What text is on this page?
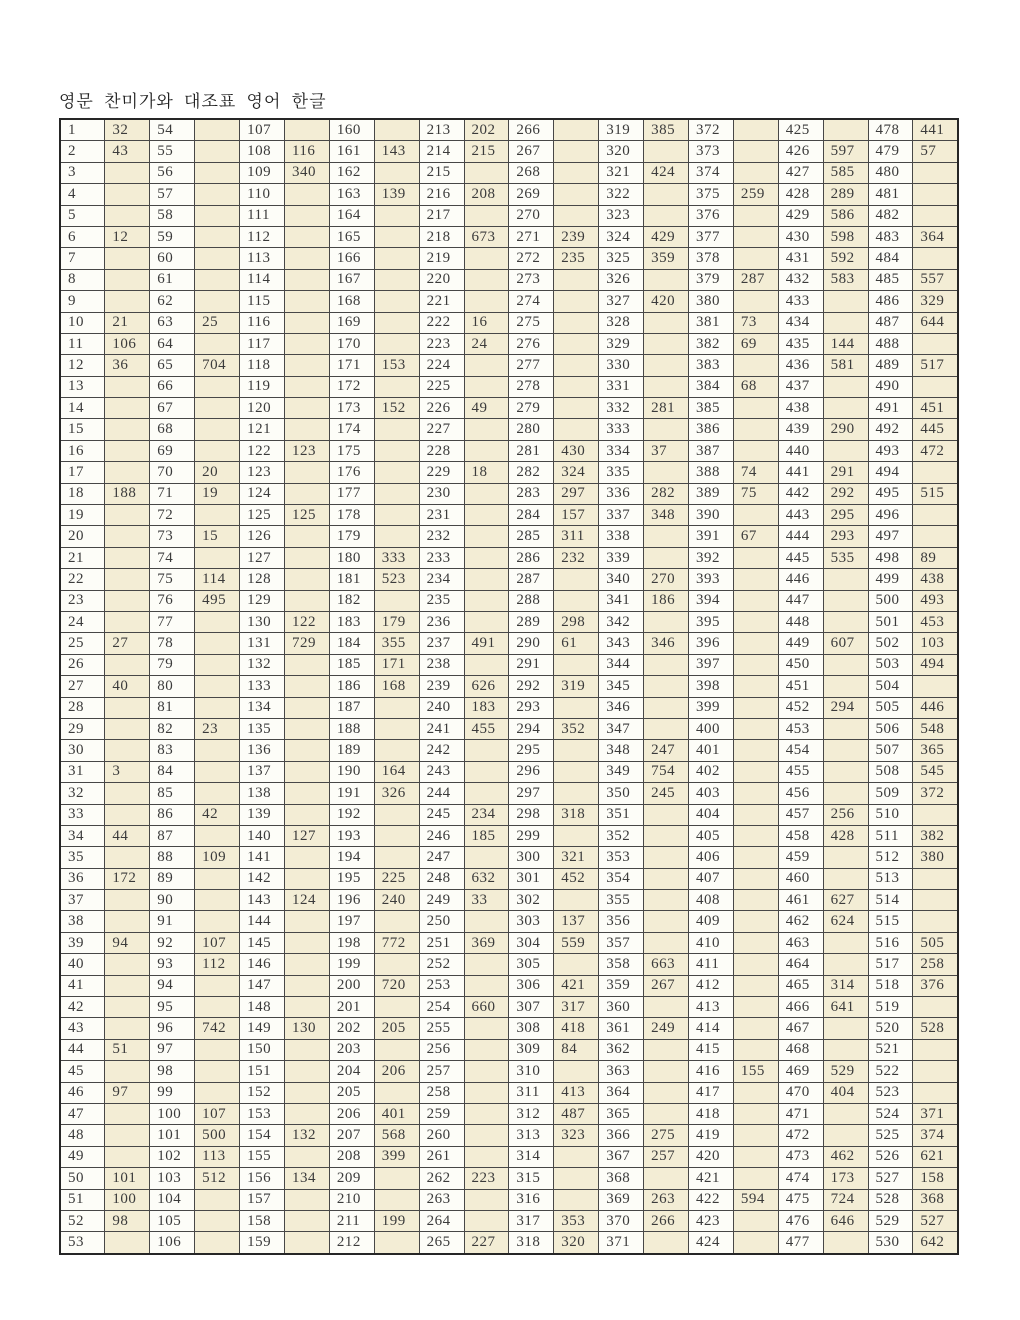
영문 찬미가와 대조표 영어 한글
1	32	54		107		160		213	202	266		319	385	372		425		478	441
2	43	55		108	116	161	143	214	215	267		320		373		426	597	479	57
3		56		109	340	162		215		268		321	424	374		427	585	480	
4		57		110		163	139	216	208	269		322		375	259	428	289	481	
5		58		111		164		217		270		323		376		429	586	482	
6	12	59		112		165		218	673	271	239	324	429	377		430	598	483	364
7		60		113		166		219		272	235	325	359	378		431	592	484	
8		61		114		167		220		273		326		379	287	432	583	485	557
9		62		115		168		221		274		327	420	380		433		486	329
10	21	63	25	116		169		222	16	275		328		381	73	434		487	644
11	106	64		117		170		223	24	276		329		382	69	435	144	488	
12	36	65	704	118		171	153	224		277		330		383		436	581	489	517
13		66		119		172		225		278		331		384	68	437		490	
14		67		120		173	152	226	49	279		332	281	385		438		491	451
15		68		121		174		227		280		333		386		439	290	492	445
16		69		122	123	175		228		281	430	334	37	387		440		493	472
17		70	20	123		176		229	18	282	324	335		388	74	441	291	494	
18	188	71	19	124		177		230		283	297	336	282	389	75	442	292	495	515
19		72		125	125	178		231		284	157	337	348	390		443	295	496	
20		73	15	126		179		232		285	311	338		391	67	444	293	497	
21		74		127		180	333	233		286	232	339		392		445	535	498	89
22		75	114	128		181	523	234		287		340	270	393		446		499	438
23		76	495	129		182		235		288		341	186	394		447		500	493
24		77		130	122	183	179	236		289	298	342		395		448		501	453
25	27	78		131	729	184	355	237	491	290	61	343	346	396		449	607	502	103
26		79		132		185	171	238		291		344		397		450		503	494
27	40	80		133		186	168	239	626	292	319	345		398		451		504	
28		81		134		187		240	183	293		346		399		452	294	505	446
29		82	23	135		188		241	455	294	352	347		400		453		506	548
30		83		136		189		242		295		348	247	401		454		507	365
31	3	84		137		190	164	243		296		349	754	402		455		508	545
32		85		138		191	326	244		297		350	245	403		456		509	372
33		86	42	139		192		245	234	298	318	351		404		457	256	510	
34	44	87		140	127	193		246	185	299		352		405		458	428	511	382
35		88	109	141		194		247		300	321	353		406		459		512	380
36	172	89		142		195	225	248	632	301	452	354		407		460		513	
37		90		143	124	196	240	249	33	302		355		408		461	627	514	
38		91		144		197		250		303	137	356		409		462	624	515	
39	94	92	107	145		198	772	251	369	304	559	357		410		463		516	505
40		93	112	146		199		252		305		358	663	411		464		517	258
41		94		147		200	720	253		306	421	359	267	412		465	314	518	376
42		95		148		201		254	660	307	317	360		413		466	641	519	
43		96	742	149	130	202	205	255		308	418	361	249	414		467		520	528
44	51	97		150		203		256		309	84	362		415		468		521	
45		98		151		204	206	257		310		363		416	155	469	529	522	
46	97	99		152		205		258		311	413	364		417		470	404	523	
47		100	107	153		206	401	259		312	487	365		418		471		524	371
48		101	500	154	132	207	568	260		313	323	366	275	419		472		525	374
49		102	113	155		208	399	261		314		367	257	420		473	462	526	621
50	101	103	512	156	134	209		262	223	315		368		421		474	173	527	158
51	100	104		157		210		263		316		369	263	422	594	475	724	528	368
52	98	105		158		211	199	264		317	353	370	266	423		476	646	529	527
53		106		159		212		265	227	318	320	371		424		477		530	642
